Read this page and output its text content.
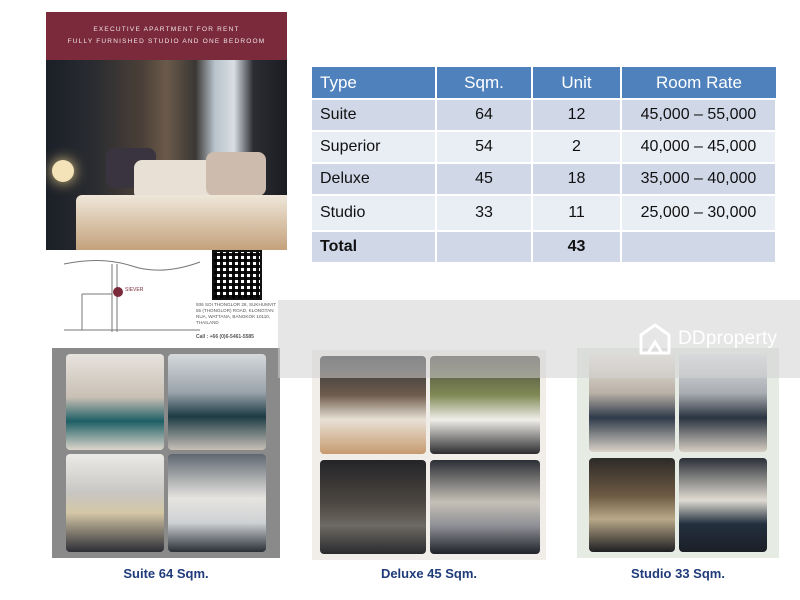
EXECUTIVE APARTMENT FOR RENT
FULLY FURNISHED STUDIO AND ONE BEDROOM
SIEVER
936 SOI THONGLOR 26, SUKHUMVIT 55 (THONGLOR) ROAD, KLONGTAN NUA, WATTANA, BANGKOK 10110, THAILAND
Call : +66 (0)6-5461-5585
Type	Sqm.	Unit	Room Rate
Suite	64	12	45,000 – 55,000
Superior	54	2	40,000 – 45,000
Deluxe	45	18	35,000 – 40,000
Studio	33	11	25,000 – 30,000
Total		43	
Suite 64 Sqm.	Deluxe 45 Sqm.	Studio 33 Sqm.
DDproperty
